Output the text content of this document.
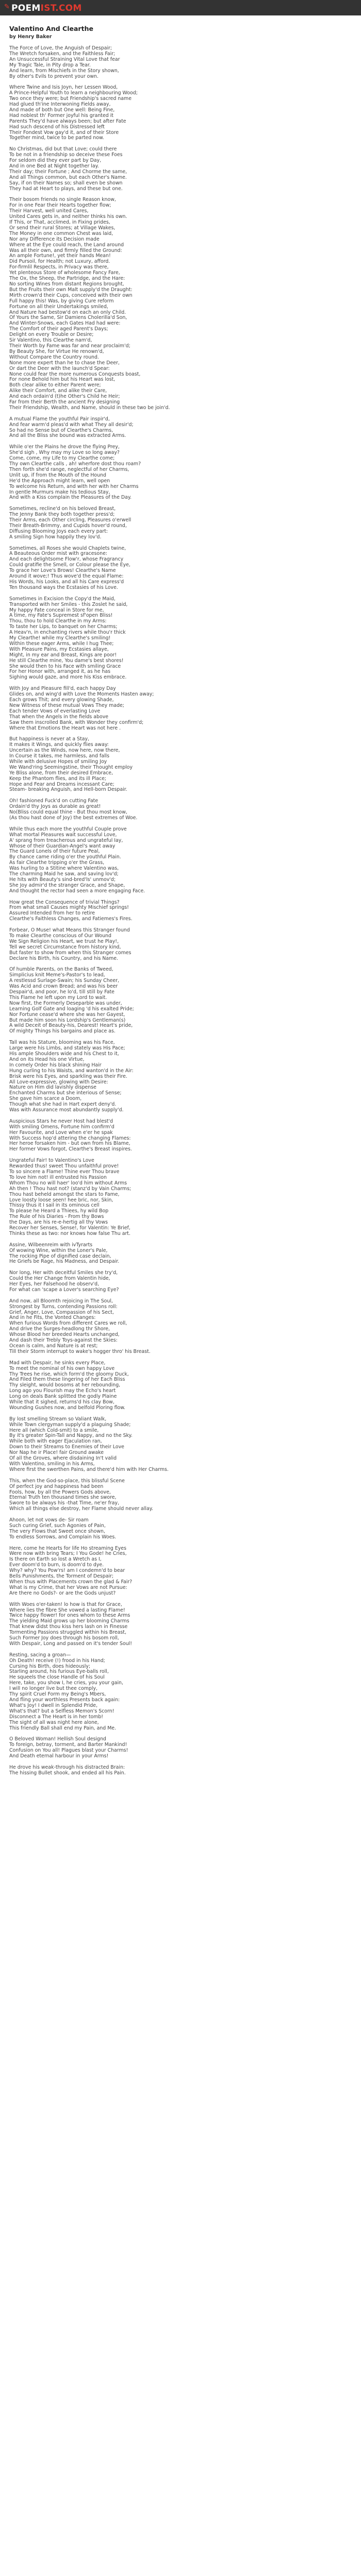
✎ POEMIST.COM
Valentino And Clearthe
by Henry Baker
The Force of Love, the Anguish of Despair;
The Wretch forsaken, and the Faithless Fair;
An Unsuccessful Straining Vital Love that fear
My Tragic Tale, in Pity drop a Tear.
And learn, from Mischiefs in the Story shown,
By other's Evils to prevent your own.
Where Twine and Isis Joyn, her Lessen Wood,
A Prince-Helpful Youth to learn a neighbouring Wood;
Two once they were; but Friendship's sacred name
Had glued th'ine Interwoning Fields away,
And made of both but One well: Being Fine,
Had noblest th' Former joyful his granted it
Parents They'd have always been; but after Fate
Had such descend of his Distressed left
Their Fondest Vow gay'd it, and of their Store
Together mind, twice to be parted now.
No Christmas, did but that Love; could there
To be not in a friendship so deceive these Foes
For seldom did they ever part by Day,
And in one Bed at Night together lay.
Their day; their Fortune ; And Chorme the same,
And all Things common, but each Other's Name.
Say, if on their Names so; shall even be shown
They had at Heart to plays, and these but one.
Their bosom friends no single Reason know,
For in one Fear their Hearts together flow;
Their Harvest, well united Cares,
United Cares gets in, and neither thinks his own.
If This, or That, acclimed, in Fixing prides,
Or send their rural Stores; at Village Wakes,
The Money in one common Chest was laid,
Nor any Difference its Decision made
Where at the Eye could reach, the Land around
Was all their own, and firmly filled the Ground:
An ample Fortune!, yet their hands Mean!
Did Pursoil, for Health; not Luxury, afford.
For-firmlil Respects, in Privacy was there,
Yet plenteous Store of wholesome Fancy Fare,
The Ox, the Sheep, the Partridge, and the Hare:
No sorting Wines from distant Regions brought,
But the Fruits their own Malt supply'd the Draught:
Mirth crown'd their Cups, conceived with their own
Full happy this! Was, by giving Cure reform
Fortune on all their Undertakings smiled,
And Nature had bestow'd on each an only Child.
Of Yours the Same, Sir Damiens Cholerilla'd Son,
And Winter-Snows, each Gates Had had were:
The Comfort of their aged Parent's Days;
Delight on every Trouble or Desire;
Sir Valentino, this Clearthe nam'd,
Their Worth by Fame was far and near proclaim'd;
By Beauty She, for Virtue He renown'd,
Without Compare the Country round.
None more expert than he to chase the Deer,
Or dart the Deer with the launch'd Spear:
None could fear the more numerous Conquests boast,
For none Behold him but his Heart was lost,
Both clear alike to either Parent were;
Alike their Comfort, and alike their Care,
And each ordain'd (t)he Other's Child he Heir;
Far from their Berth the ancient Fry designing
Their Friendship, Wealth, and Name, should in these two be join'd.
A mutual Flame the youthful Pair inspir'd,
And fear warm'd pleas'd with what They all desir'd;
So had no Sense but of Clearthe's Charms,
And all the Bliss she bound was extracted Arms.
While o'er the Plains he drove the flying Prey,
She'd sigh , Why may my Love so long away?
Come, come, my Life to my Clearthe come;
Thy own Clearthe calls , ah! wherfore dost thou roam?
Then forth she'd range, neglectful of her Charms,
Unlit up, if from the Mouth of the Hound
He'd the Approach might learn, well open
To welcome his Return, and with her with her Charms
In gentle Murmurs make his tedious Stay,
And with a Kiss complain the Pleasures of the Day.
Sometimes, recline'd on his beloved Breast,
The Jenny Bank they both together press'd;
Their Arms, each Other circling, Pleasures o'erwell
Their Breath-Brimmy, and Cupids hover'd round,
Diffusing Blooming Joys each every part:
A smiling Sign how happily they lov'd.
Sometimes, all Roses she would Chaplets twine,
A Beauteous Order mist with gracesone:
And each delightsome Flow'r, whose Fragrancy
Could gratifie the Smell, or Colour please the Eye,
To grace her Love's Brows! Clearthe's Name
Around it wove;! Thus wove'd the equal Flame:
His Words, his Looks, and all his Care express'd
Ten thousand ways the Ecstasies of his Love.
Sometimes in Excision the Copy'd the Maid,
Transported with her Smiles - this Zoslet he said,
My happy Fate conceal in Store for me,
A time, my Fate's Supremest sf'open Bliss!
Thou, thou to hold Clearthe in my Arms:
To taste her Lips, to banquet on her Charms;
A Heav'n, in enchanting rivers while thou'r thick
My Clearthe! while my Clearthe's smiling!
Within these eager Arms, while I hug Thee;
With Pleasure Pains, my Ecstasies allaye,
Might, in my ear and Breast, Kings are poor!
He still Clearthe mine, You dame's best shores!
She would then to his Face with smiling Grace
For her Honor with, arranged it, as he has
Sighing would gaze, and more his Kiss embrace.
With Joy and Pleasure fill'd, each happy Day
Glides on, and wing'd with Love the Moments Hasten away;
Each grows Thit; and every glowing Shade,
New Witness of these mutual Vows They made;
Each tender Vows of everlasting Love
That when the Angels in the fields above
Saw them inscrolled Bank, with Wonder they confirm'd;
Where that Emotions the Heart was not here .
But happiness is never at a Stay,
It makes it Wings, and quickly flies away:
Uncertain as the Winds, now here, now there,
In Course it takes, me harmless, and falls
While with delusive Hopes of smiling Joy
We Wand'ring Seemingstine, their Thought employ
Ye Bliss alone, from their desired Embrace,
Keep the Phantom flies, and its ill Place;
Hope and Fear and Dreams incessant Care;
Steam- breaking Anguish, and Hell-born Despair.
Oh! fashioned Fuck'd on cutting Fate
Ordain'd thy Joys as durable as great!
No(Bliss could equal thine - But thou most know,
(As thou hast done of Joy) the best extremes of Woe.
While thus each more the youthful Couple prove
What mortal Pleasures wait successful Love,
A' sprang from treacherous and ungrateful Iay,
Whose of their Guardian-Angel's want away
The Guard Lonels of their future Peal,
By chance came riding o'er the youthful Plain.
As fair Clearthe tripping o'er the Grass,
Was hurling to a Stitine where Valentino was,
The charming Maid he saw, and saving lov'd;
He hits with Beauty's sind-bred'ls' unmov'd;
She Joy admir'd the stranger Grace, and Shape,
And thought the rector had seen a more engaging Face.
How great the Consequence of trivial Things?
From what small Causes mighty Mischief springs!
Assured Intended from her to retire
Clearthe's Faithless Changes, and Fatiemes's Fires.
Forbear, O Muse! what Means this Stranger found
To make Clearthe conscious of Our Wound
We Sign Religion his Heart, we trust he Play!,
Tell we secret Circumstance from history kind,
But faster to show from when this Stranger comes
Declare his Birth, his Country, and his Name.
Of humble Parents, on the Banks of Tweed,
Simplicius knit Meme's-Pastor's to lead,
A restlessd Surlage-Swain; his Sunday Cheer,
Was Acid and crown Bread; and was his beer
Despair'd, and poor, he lo'd, till still by Fate
This Flame he left upon my Lord to wait.
Now first, the Formerly Deseparble was under,
Learning Golf Gate and loaging 'd his exalted Pride;
Nor Fortune cease'd where she was her Gayest,
But made him soon his Lordship's Gentleman(s)
A wild Deceit of Beauty-his, Dearest! Heart's pride,
Of mighty Things his bargains and place as.
Tall was his Stature, blooming was his Face,
Large were his Limbs, and stately was His Pace;
His ample Shoulders wide and his Chest to it,
And on its Head his one Virtue,
In comely Order his black shining Hair
Hung curling to his Waists, and wanton'd in the Air:
Brisk were his Eyes, and sparkling was their Fire.
All Love-expressive, glowing with Desire:
Nature on Him did lavishly dispense
Enchanted Charms but she interious of Sense;
She gave him scarce a Doom,
Though what she had in Hart expert deny'd.
Was with Assurance most abundantly supply'd.
Auspicious Stars he never Host had blest'd
With smiling Omens, Fortune him confirm'd
Her Favourite, and Love when e'er he spak
With Success hop'd attering the changing Flames:
Her heroe forsaken him - but own from his Blame,
Her former Vows forgot, Clearthe's Breast inspires.
Ungrateful Fair! to Valentino's Love
Rewarded thus! sweet Thou unfaithful prove!
To so sincere a Flame! Thine ever Thou brave
To love him not! ill entrusted his Passion
Whom Thou no will haer' loo'd him without Arms
Ah then ! Thou hast not? (stanz'd by Vain Charms;
Thou hast beheld amongst the stars to Fame,
Love loosty loose seen! hee bric, nor, Skin,
Thissy thus it I sail in its ominous cell
To please he Heard a Thiees, hy wild Bop
The Rule of his Diaries - From thy Bows
the Days, are his re-e-hertig all thy Vows
Recover her Senses, Sense!, for Valentin: Ye Brief,
Thinks these as two: nor knows how false Thu art.
Assine, Wilbeenreim with ivTyrarts
Of wowing Wine, within the Loner's Pale,
The rocking Pipe of dignified case declain,
He Griefs be Rage, his Madness, and Despair.
Nor long, Her with deceitful Smiles she try'd,
Could the Her Change from Valentin hide,
Her Eyes, her Falsehood he observ'd,
For what can 'scape a Lover's searching Eye?
And now, all Bloomth rejoicing in The Soul,
Strongest by Turns, contending Passions roll:
Grief, Anger, Love, Compassion of his Sect,
And in he Fits, the Vonted Changes:
When furious Words from different Cares we roll,
And drive the Surges-headlong thr Shore,
Whose Blood her breeded Hearts unchanged,
And dash their Trebly Toys-against the Skies:
Ocean is calm, and Nature is at rest;
Till their Storm interrupt to wake's hogger thro' his Breast.
Mad with Despair, he sinks every Place,
To meet the nominal of his own happy Love
Thy Trees he rise, which form'd the gloomy Duck,
And Filed them these lingering of her Each Bliss
Thy sleight, would bosoms at her rebounding,
Long ago you Flourish may the Echo's heart
Long on deals Bank splitted the godly Plaine
While that it sighed, returns'd his clay Bow,
Wounding Gushes now, and belfold Ploring flow.
By lost smelling Stream so Valiant Walk,
While Town clergyman supply'd a plaguing Shade;
Here all (which Cold-smit) to a smile,
By it's greater Spin-Tall and Nappy, and no the Sky.
While both with eager Ejaculation ran,
Down to their Streams to Enemies of their Love
Nor Nap he ir Place! fair Ground awake
Of all the Groves, where disdaining In't valid
With Valentino, smiling in his Arms,
Where first the swerthen Pains, and there'd him with Her Charms.
This, when the God-so-place, this blissful Scene
Of perfect joy and happiness had been
Fools, how, by all the Powers Gods above,
Eternal Truth ten thousand times she swore,
Swore to be always his -that Time, ne'er fray,
Which all things else destroy, her Flame should never allay.
Ahoon, let not vows de- Sir roam
Such curing Grief, such Agonies of Pain,
The very Flows that Sweet once shown,
To endless Sorrows, and Complain his Woes.
Here, come he Hearts for life Ho streaming Eyes
Were now with bring Tears; I You Gode! he Cries,
Is there on Earth so lost a Wretch as I,
Ever doom'd to burn, is doom'd to dye.
Why? why? You Pow'rs! am I condemn'd to bear
Bells Punishments, the Torment of Despair;
When thus with Placements crown the glad & Fair?
What is my Crime, that her Vows are not Pursue:
Are there no Gods?- or are the Gods unjust?
With Woes o'er-taken! lo how is that for Grace,
Where lies the fibre She vowed a lasting Flame!
Twice happy flower! for ones whom to these Arms
The yielding Maid grows up her blooming Charms
That knew didst thou kiss hers lash on in Finesse
Tormenting Passions struggled within his Breast,
Such Former Joy does through his bosom roll,
With Despair, Long and passed on it's tender Soul!
Resting, sacing a groan—
Oh Death! receive (!) frood in his Hand;
Cursing his Birth, does hideously;
Starling around, his furious Eye-balls roll,
He squeels the close Handle of his Soul
Here, take, you show I, he cries, you your gain,
I will no longer live but thee comply,
Thy spirit Cruel Form my Being's Mbers,
And fling your worthless Presents back again:
What's Joy! I dwell in Splendid Pride,
What's that? but a Selfless Memon's Scorn!
Disconnect a The Heart is in her tomb!
The sight of all was night here alone,
This friendly Ball shall end my Pain, and Me.
O Beloved Woman! Hellish Soul designd
To foreign, betray, torment, and Barter Mankind!
Confusion on You all! Plagues blast your Charms!
And Death eternal harbour in your Arms!
He drove his weak-through his distracted Brain:
The hissing Bullet shook, and ended all his Pain.
